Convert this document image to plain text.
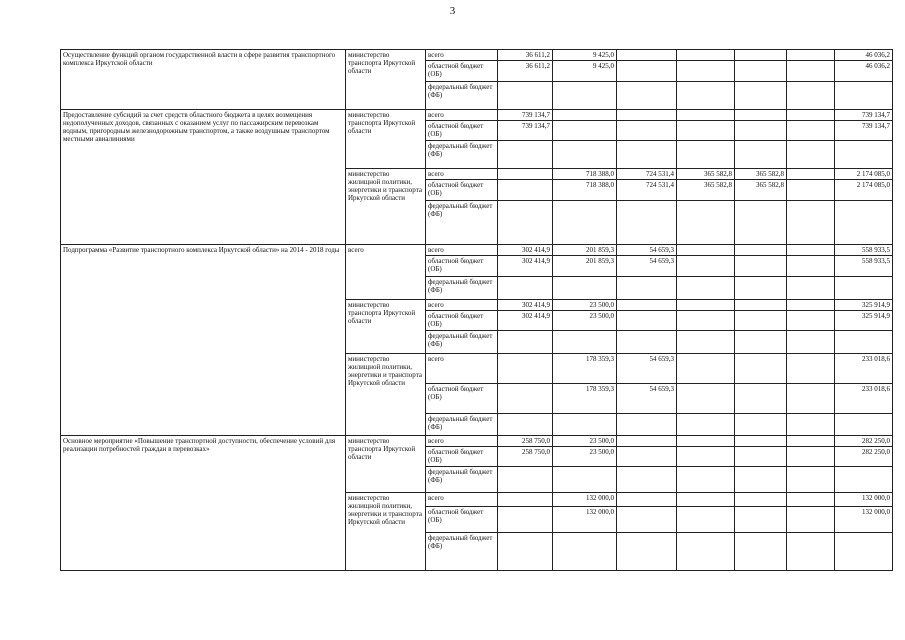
3
Осуществление функций органом государственной власти в сфере развития транспортного комплекса Иркутской области	министерство транспорта Иркутской области	всего	36 611,2	9 425,0					46 036,2
		областной бюджет (ОБ)	36 611,2	9 425,0					46 036,2
		федеральный бюджет (ФБ)							
Предоставление субсидий за счет средств областного бюджета в целях возмещения недополученных доходов, связанных с оказанием услуг по пассажирским перевозкам водным, пригородным железнодорожным транспортом, а также воздушным транспортом местными авиалиниями	министерство транспорта Иркутской области	всего	739 134,7						739 134,7
		областной бюджет (ОБ)	739 134,7						739 134,7
		федеральный бюджет (ФБ)							
	министерство жилищной политики, энергетики и транспорта Иркутской области	всего		718 388,0	724 531,4	365 582,8	365 582,8		2 174 085,0
		областной бюджет (ОБ)		718 388,0	724 531,4	365 582,8	365 582,8		2 174 085,0
		федеральный бюджет (ФБ)							
Подпрограмма «Развитие транспортного комплекса Иркутской области» на 2014 - 2018 годы	всего	всего	302 414,9	201 859,3	54 659,3				558 933,5
		областной бюджет (ОБ)	302 414,9	201 859,3	54 659,3				558 933,5
		федеральный бюджет (ФБ)							
	министерство транспорта Иркутской области	всего	302 414,9	23 500,0					325 914,9
		областной бюджет (ОБ)	302 414,9	23 500,0					325 914,9
		федеральный бюджет (ФБ)							
	министерство жилищной политики, энергетики и транспорта Иркутской области	всего		178 359,3	54 659,3				233 018,6
		областной бюджет (ОБ)		178 359,3	54 659,3				233 018,6
		федеральный бюджет (ФБ)							
Основное мероприятие «Повышение транспортной доступности, обеспечение условий для реализации потребностей граждан в перевозках»	министерство транспорта Иркутской области	всего	258 750,0	23 500,0					282 250,0
		областной бюджет (ОБ)	258 750,0	23 500,0					282 250,0
		федеральный бюджет (ФБ)							
	министерство жилищной политики, энергетики и транспорта Иркутской области	всего		132 000,0					132 000,0
		областной бюджет (ОБ)		132 000,0					132 000,0
		федеральный бюджет (ФБ)							
